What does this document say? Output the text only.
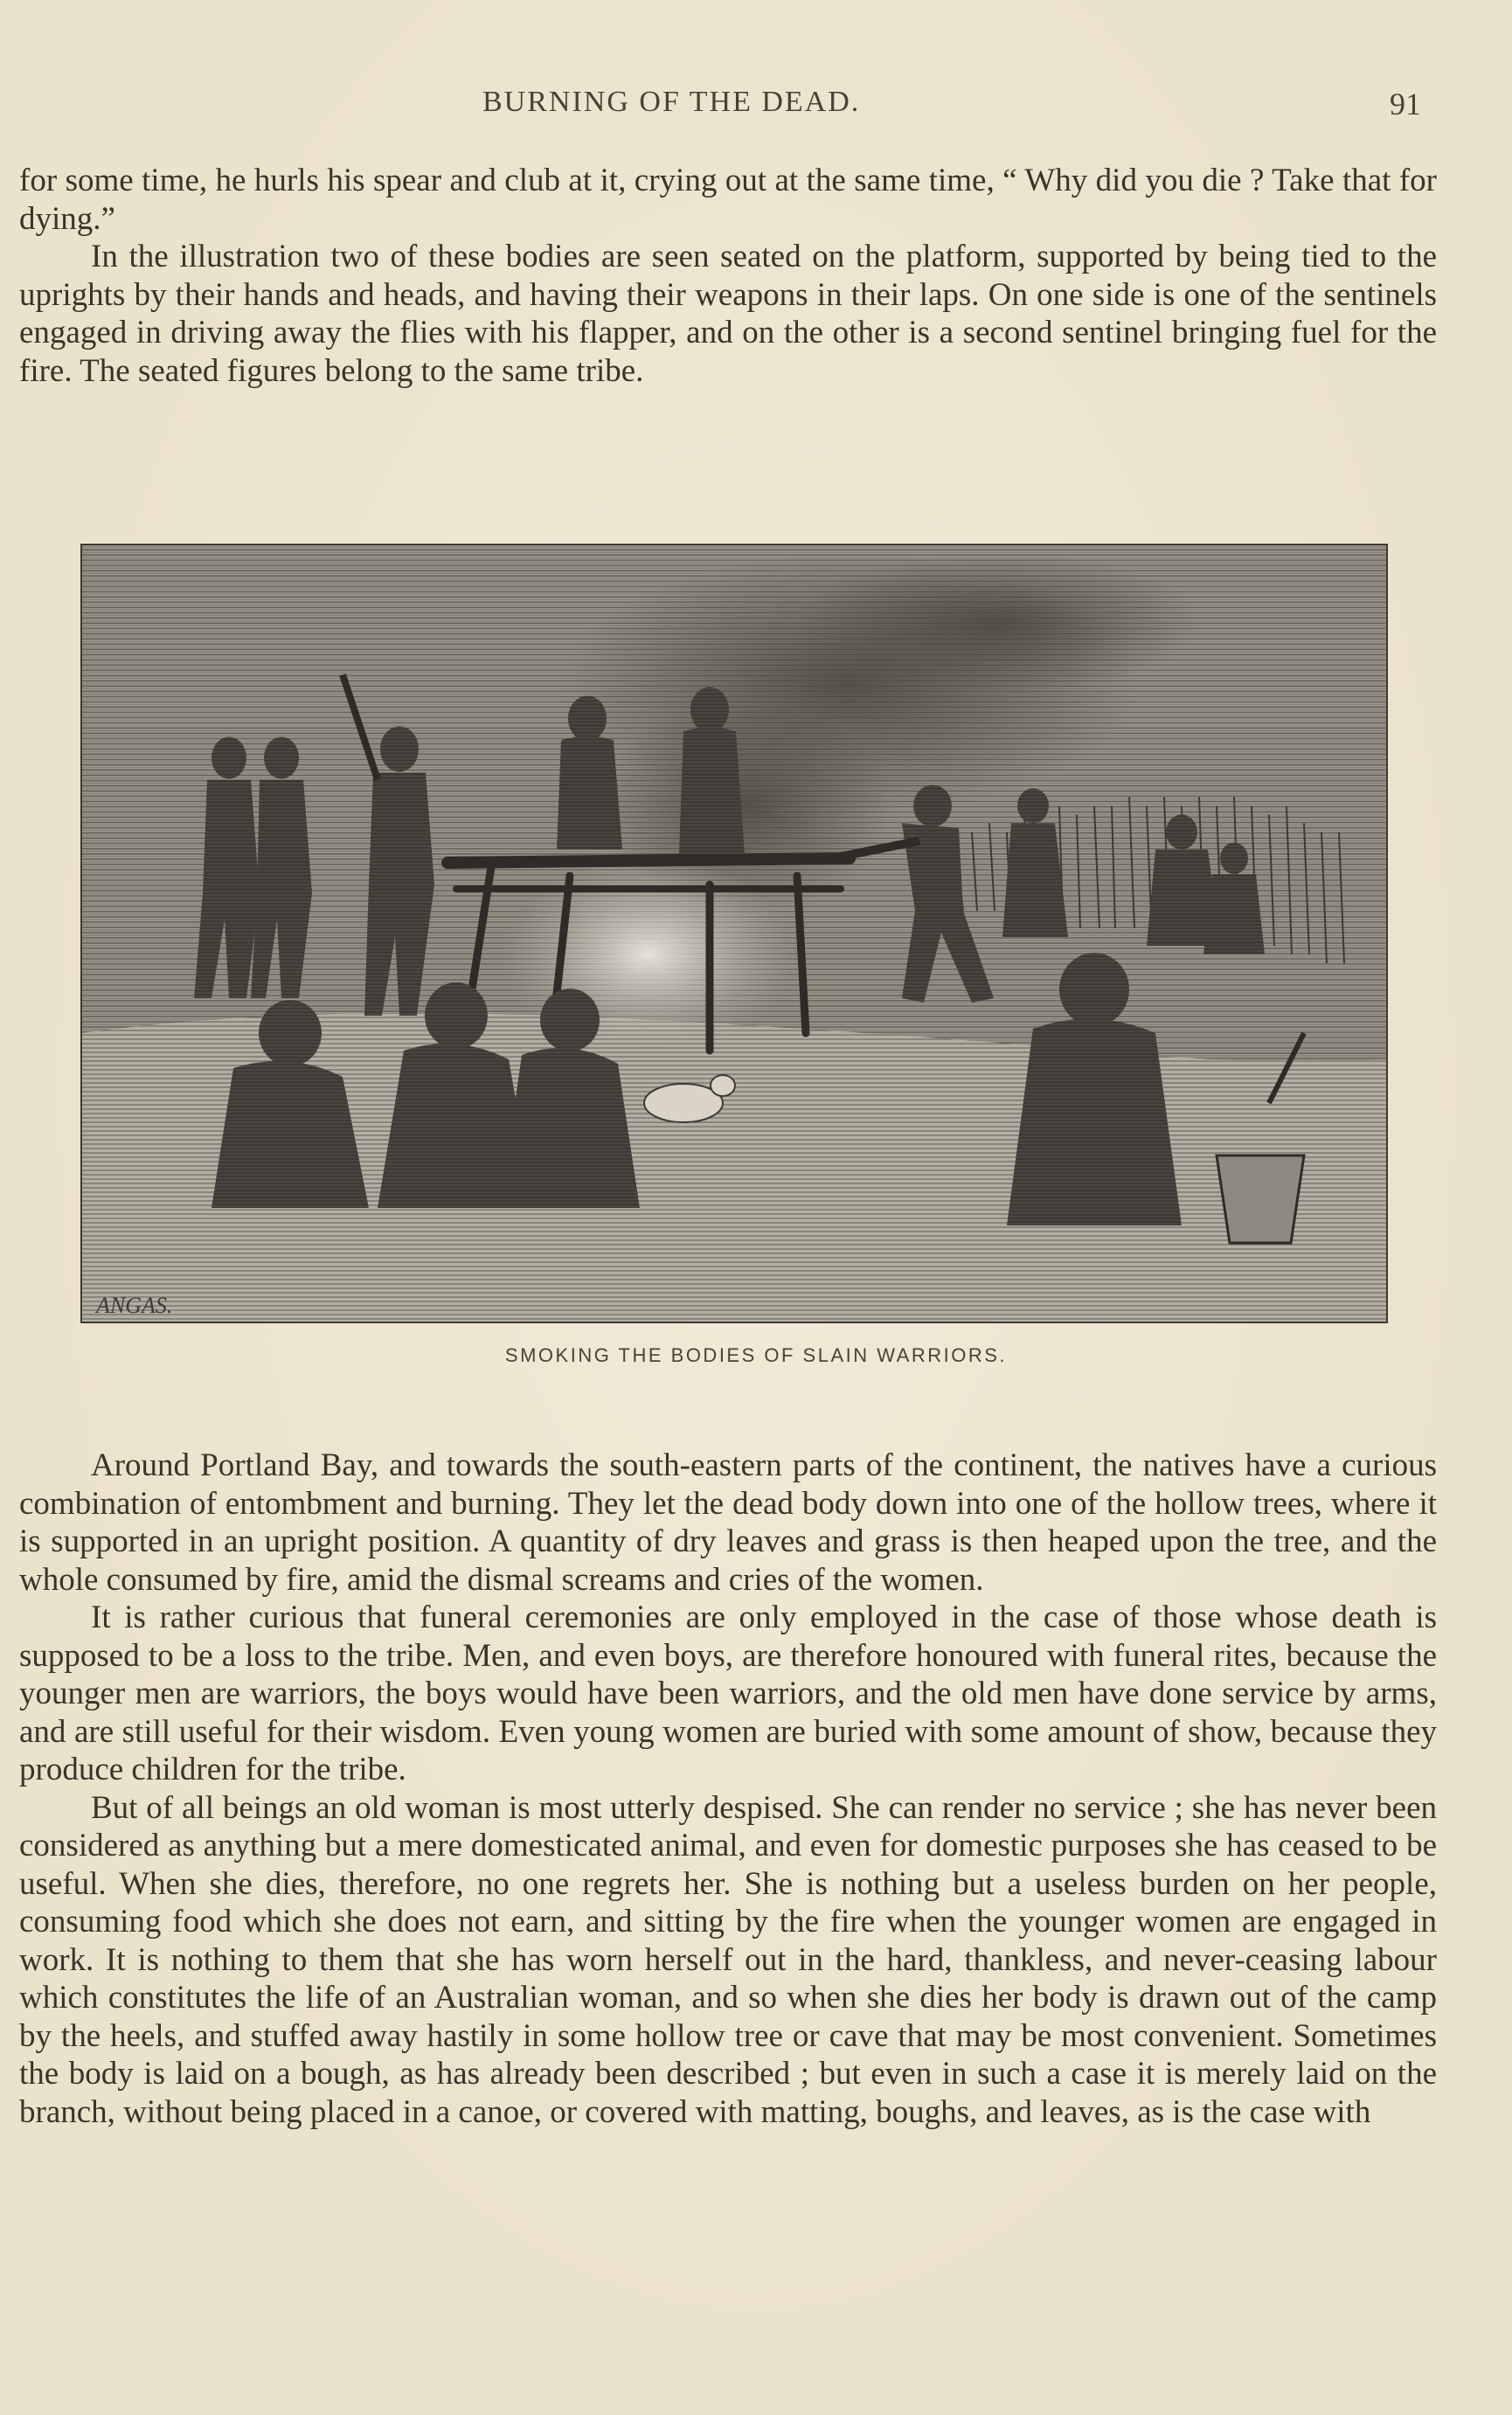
BURNING OF THE DEAD.	91

for some time, he hurls his spear and club at it, crying out at the same time, “ Why did you die ? Take that for dying.”

In the illustration two of these bodies are seen seated on the platform, supported by being tied to the uprights by their hands and heads, and having their weapons in their laps. On one side is one of the sentinels engaged in driving away the flies with his flapper, and on the other is a second sentinel bringing fuel for the fire. The seated figures belong to the same tribe.

ANGAS.
SMOKING THE BODIES OF SLAIN WARRIORS.

Around Portland Bay, and towards the south-eastern parts of the continent, the natives have a curious combination of entombment and burning. They let the dead body down into one of the hollow trees, where it is supported in an upright position. A quantity of dry leaves and grass is then heaped upon the tree, and the whole consumed by fire, amid the dismal screams and cries of the women.

It is rather curious that funeral ceremonies are only employed in the case of those whose death is supposed to be a loss to the tribe. Men, and even boys, are therefore honoured with funeral rites, because the younger men are warriors, the boys would have been warriors, and the old men have done service by arms, and are still useful for their wisdom. Even young women are buried with some amount of show, because they produce children for the tribe.

But of all beings an old woman is most utterly despised. She can render no service ; she has never been considered as anything but a mere domesticated animal, and even for domestic purposes she has ceased to be useful. When she dies, therefore, no one regrets her. She is nothing but a useless burden on her people, consuming food which she does not earn, and sitting by the fire when the younger women are engaged in work. It is nothing to them that she has worn herself out in the hard, thankless, and never-ceasing labour which constitutes the life of an Australian woman, and so when she dies her body is drawn out of the camp by the heels, and stuffed away hastily in some hollow tree or cave that may be most convenient. Sometimes the body is laid on a bough, as has already been described ; but even in such a case it is merely laid on the branch, without being placed in a canoe, or covered with matting, boughs, and leaves, as is the case with
